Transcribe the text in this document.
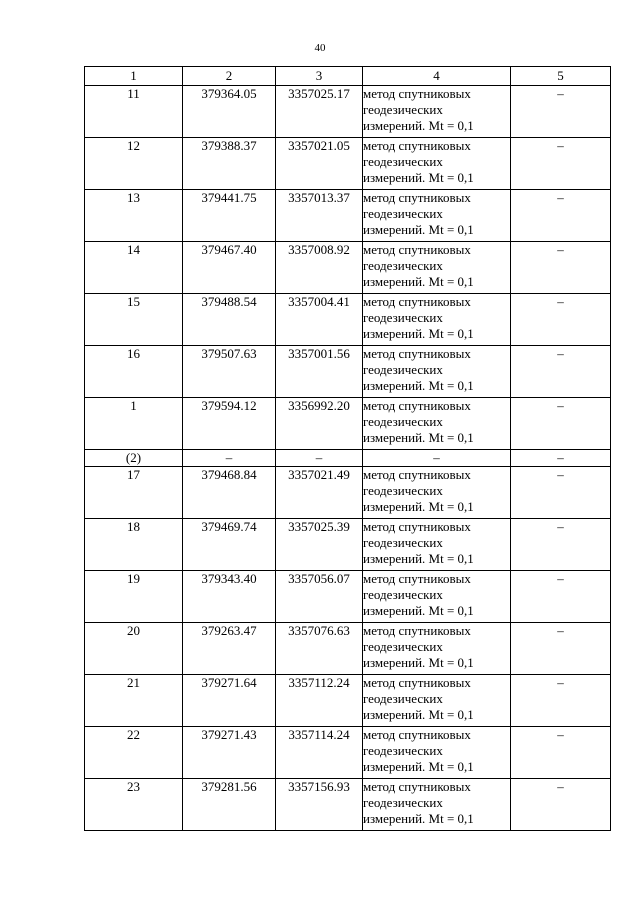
40
1	2	3	4	5
11	379364.05	3357025.17	метод спутниковых
геодезических
измерений. Mt = 0,1	–
12	379388.37	3357021.05	метод спутниковых
геодезических
измерений. Mt = 0,1	–
13	379441.75	3357013.37	метод спутниковых
геодезических
измерений. Mt = 0,1	–
14	379467.40	3357008.92	метод спутниковых
геодезических
измерений. Mt = 0,1	–
15	379488.54	3357004.41	метод спутниковых
геодезических
измерений. Mt = 0,1	–
16	379507.63	3357001.56	метод спутниковых
геодезических
измерений. Mt = 0,1	–
1	379594.12	3356992.20	метод спутниковых
геодезических
измерений. Mt = 0,1	–
(2)	–	–	–	–
17	379468.84	3357021.49	метод спутниковых
геодезических
измерений. Mt = 0,1	–
18	379469.74	3357025.39	метод спутниковых
геодезических
измерений. Mt = 0,1	–
19	379343.40	3357056.07	метод спутниковых
геодезических
измерений. Mt = 0,1	–
20	379263.47	3357076.63	метод спутниковых
геодезических
измерений. Mt = 0,1	–
21	379271.64	3357112.24	метод спутниковых
геодезических
измерений. Mt = 0,1	–
22	379271.43	3357114.24	метод спутниковых
геодезических
измерений. Mt = 0,1	–
23	379281.56	3357156.93	метод спутниковых
геодезических
измерений. Mt = 0,1	–
